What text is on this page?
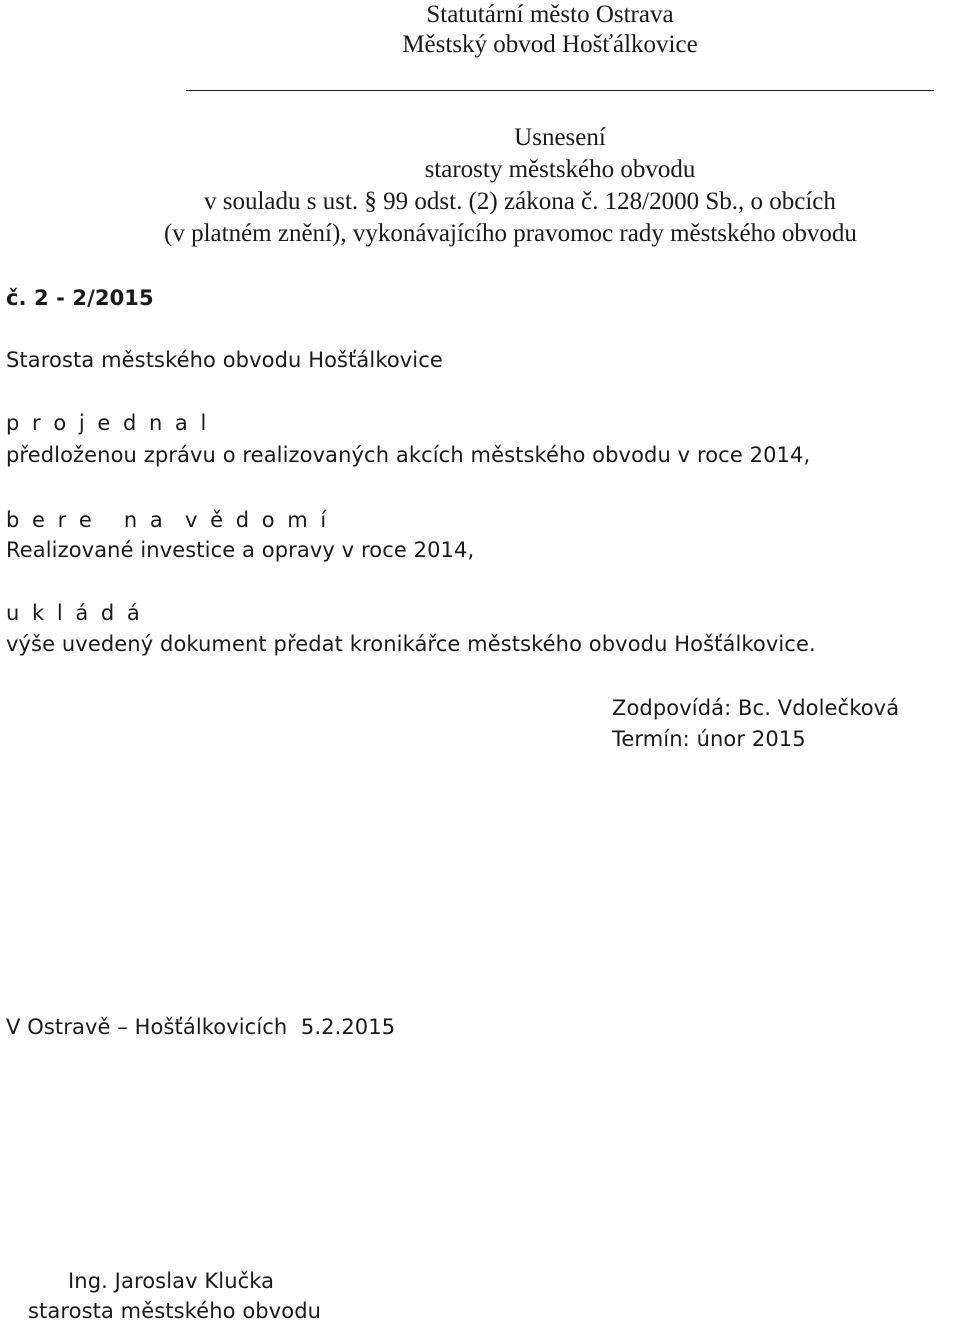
Statutární město Ostrava
Městský obvod Hošťálkovice
Usnesení
starosty městského obvodu
v souladu s ust. § 99 odst. (2) zákona č. 128/2000 Sb., o obcích
(v platném znění), vykonávajícího pravomoc rady městského obvodu
č. 2 - 2/2015
Starosta městského obvodu Hošťálkovice
p r o j e d n a l
předloženou zprávu o realizovaných akcích městského obvodu v roce 2014,
b e r e   n a  v ě d o m í
Realizované investice a opravy v roce 2014,
u k l á d á
výše uvedený dokument předat kronikářce městského obvodu Hošťálkovice.
Zodpovídá: Bc. Vdolečková
Termín: únor 2015
V Ostravě – Hošťálkovicích  5.2.2015
Ing. Jaroslav Klučka
starosta městského obvodu
